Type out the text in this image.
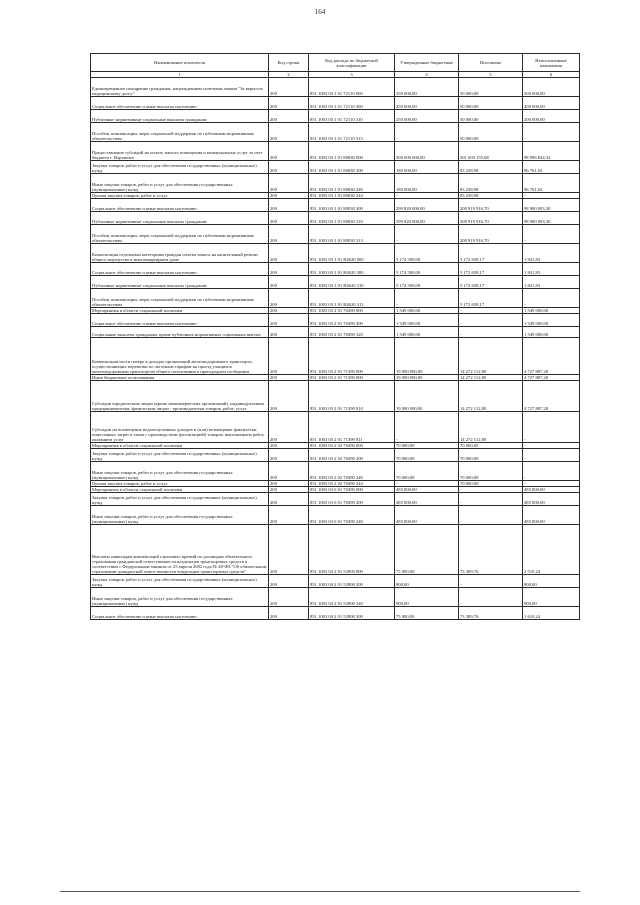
164
Наименование показателя	Код строки	Код расхода по бюджетной классификации	Утвержденные бюджетные	Исполнено	Неисполненные назначения
1	2	3	4	5	6
Единовременное поощрение гражданам, награжденным почетным знаком "За верность медицинскому долгу"	200	851 1003 03 1 01 72110 000	250 000,00	50 000,00	200 000,00
Социальное обеспечение и иные выплаты населению	200	851 1003 03 1 01 72110 300	250 000,00	50 000,00	200 000,00
Публичные нормативные социальные выплаты гражданам	200	851 1003 03 1 01 72110 310	250 000,00	50 000,00	200 000,00
Пособия, компенсации, меры социальной поддержки по публичным нормативным обязательствам	200	851 1003 03 1 01 72110 313	-	50 000,00	-
Предоставление субсидий на оплату жилого помещения и коммунальных услуг за счет бюджета г. Воронежа	200	851 1003 03 1 01 80830 000	300 000 000,00	201 003 155,68	98 996 844,32
Закупка товаров, работ и услуг для обеспечения государственных (муниципальных) нужд	200	851 1003 03 1 01 80830 200	180 000,00	83 238,98	96 761,02
Иные закупки товаров, работ и услуг для обеспечения государственных (муниципальных) нужд	200	851 1003 03 1 01 80830 240	180 000,00	83 238,98	96 761,02
Прочая закупка товаров, работ и услуг	200	851 1003 03 1 01 80830 244	-	83 238,98	-
Социальное обеспечение и иные выплаты населению	200	851 1003 03 1 01 80830 300	299 820 000,00	200 919 916,70	98 900 083,30
Публичные нормативные социальные выплаты гражданам	200	851 1003 03 1 01 80830 310	299 820 000,00	200 919 916,70	98 900 083,30
Пособия, компенсации, меры социальной поддержки по публичным нормативным обязательствам	200	851 1003 03 1 01 80830 313	-	200 919 916,70	-
Компенсация отдельным категориям граждан оплаты взноса на капитальный ремонт общего имущества в многоквартирном доме	200	851 1003 03 1 01 R4620 000	5 174 500,00	5 172 658,17	1 841,83
Социальное обеспечение и иные выплаты населению	200	851 1003 03 1 01 R4620 300	5 174 500,00	5 172 658,17	1 841,83
Публичные нормативные социальные выплаты гражданам	200	851 1003 03 1 01 R4620 310	5 174 500,00	5 172 658,17	1 841,83
Пособия, компенсации, меры социальной поддержки по публичным нормативным обязательствам	200	851 1003 03 1 01 R4620 313	-	5 172 658,17	-
Мероприятия в области социальной политики	200	851 1003 03 2 01 70490 000	1 549 000,00	-	1 549 000,00
Социальное обеспечение и иные выплаты населению	200	851 1003 03 2 01 70490 300	1 549 000,00	-	1 549 000,00
Социальные выплаты гражданам, кроме публичных нормативных социальных выплат	200	851 1003 03 2 01 70490 320	1 549 000,00	-	1 549 000,00
Компенсация части потерь в доходах организаций железнодорожного транспорта, осуществляющих перевозки по льготным тарифам на проезд учащихся железнодорожным транспортом общего пользования в пригородном сообщении	200	851 1003 03 2 01 71390 000	19 000 000,00	14 272 112,80	4 727 887,20
Иные бюджетные ассигнования	200	851 1003 03 2 01 71390 800	19 000 000,00	14 272 112,80	4 727 887,20
Субсидии юридическим лицам (кроме некоммерческих организаций), индивидуальным предпринимателям, физическим лицам - производителям товаров, работ, услуг	200	851 1003 03 2 01 71390 810	19 000 000,00	14 272 112,80	4 727 887,20
Субсидии на возмещение недополученных доходов и (или) возмещение фактически понесенных затрат в связи с производством (реализацией) товаров, выполнением работ, оказанием услуг	200	851 1003 03 2 01 71390 811	-	14 272 112,80	-
Мероприятия в области социальной политики	200	851 1003 03 2 02 70490 000	70 000,00	70 000,00	-
Закупка товаров, работ и услуг для обеспечения государственных (муниципальных) нужд	200	851 1003 03 2 02 70490 200	70 000,00	70 000,00	-
Иные закупки товаров, работ и услуг для обеспечения государственных (муниципальных) нужд	200	851 1003 03 2 02 70490 240	70 000,00	70 000,00	-
Прочая закупка товаров, работ и услуг	200	851 1003 03 2 02 70490 244	-	70 000,00	-
Мероприятия в области социальной политики	200	851 1003 03 6 01 70490 000	485 000,00	-	485 000,00
Закупка товаров, работ и услуг для обеспечения государственных (муниципальных) нужд	200	851 1003 03 6 01 70490 200	485 000,00	-	485 000,00
Иные закупки товаров, работ и услуг для обеспечения государственных (муниципальных) нужд	200	851 1003 03 6 01 70490 240	485 000,00	-	485 000,00
Выплаты инвалидам компенсаций страховых премий по договорам обязательного страхования гражданской ответственности владельцев транспортных средств в соответствии с Федеральным законом от 25 апреля 2002 года № 40-ФЗ "Об обязательном страховании гражданской ответственности владельцев транспортных средств"	200	851 1003 04 2 01 52800 000	75 900,00	73 389,76	2 510,24
Закупка товаров, работ и услуг для обеспечения государственных (муниципальных) нужд	200	851 1003 04 2 01 52800 200	900,00	-	900,00
Иные закупки товаров, работ и услуг для обеспечения государственных (муниципальных) нужд	200	851 1003 04 2 01 52800 240	900,00	-	900,00
Социальное обеспечение и иные выплаты населению	200	851 1003 04 2 01 52800 300	75 000,00	73 389,76	1 610,24
